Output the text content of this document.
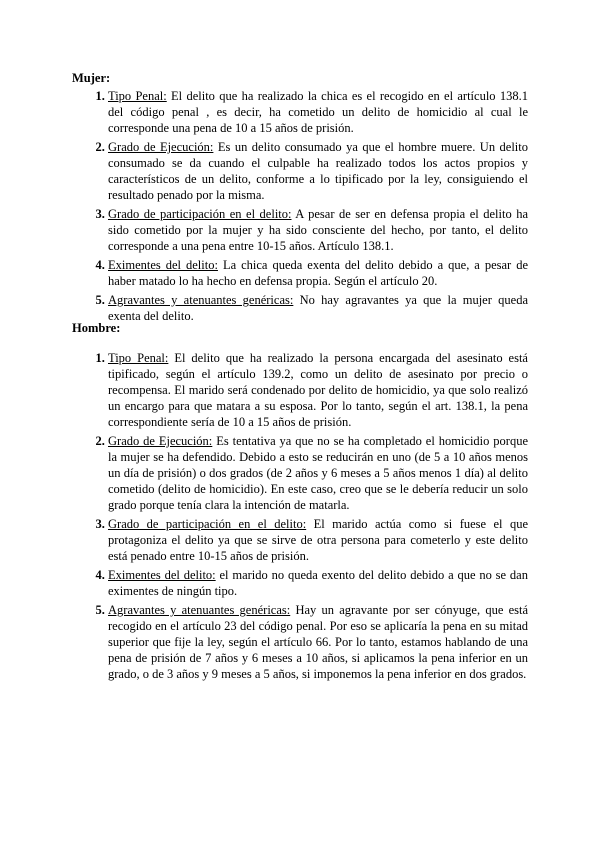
Mujer:
1. Tipo Penal: El delito que ha realizado la chica es el recogido en el artículo 138.1 del código penal , es decir, ha cometido un delito de homicidio al cual le corresponde una pena de 10 a 15 años de prisión.
2. Grado de Ejecución: Es un delito consumado ya que el hombre muere. Un delito consumado se da cuando el culpable ha realizado todos los actos propios y característicos de un delito, conforme a lo tipificado por la ley, consiguiendo el resultado penado por la misma.
3. Grado de participación en el delito: A pesar de ser en defensa propia el delito ha sido cometido por la mujer y ha sido consciente del hecho, por tanto, el delito corresponde a una pena entre 10-15 años. Artículo 138.1.
4. Eximentes del delito: La chica queda exenta del delito debido a que, a pesar de haber matado lo ha hecho en defensa propia. Según el artículo 20.
5. Agravantes y atenuantes genéricas: No hay agravantes ya que la mujer queda exenta del delito.
Hombre:
1. Tipo Penal: El delito que ha realizado la persona encargada del asesinato está tipificado, según el artículo 139.2, como un delito de asesinato por precio o recompensa. El marido será condenado por delito de homicidio, ya que solo realizó un encargo para que matara a su esposa. Por lo tanto, según el art. 138.1, la pena correspondiente sería de 10 a 15 años de prisión.
2. Grado de Ejecución: Es tentativa ya que no se ha completado el homicidio porque la mujer se ha defendido. Debido a esto se reducirán en uno (de 5 a 10 años menos un día de prisión) o dos grados (de 2 años y 6 meses a 5 años menos 1 día) al delito cometido (delito de homicidio). En este caso, creo que se le debería reducir un solo grado porque tenía clara la intención de matarla.
3. Grado de participación en el delito: El marido actúa como si fuese el que protagoniza el delito ya que se sirve de otra persona para cometerlo y este delito está penado entre 10-15 años de prisión.
4. Eximentes del delito: el marido no queda exento del delito debido a que no se dan eximentes de ningún tipo.
5. Agravantes y atenuantes genéricas: Hay un agravante por ser cónyuge, que está recogido en el artículo 23 del código penal. Por eso se aplicaría la pena en su mitad superior que fije la ley, según el artículo 66. Por lo tanto, estamos hablando de una pena de prisión de 7 años y 6 meses a 10 años, si aplicamos la pena inferior en un grado, o de 3 años y 9 meses a 5 años, si imponemos la pena inferior en dos grados.
